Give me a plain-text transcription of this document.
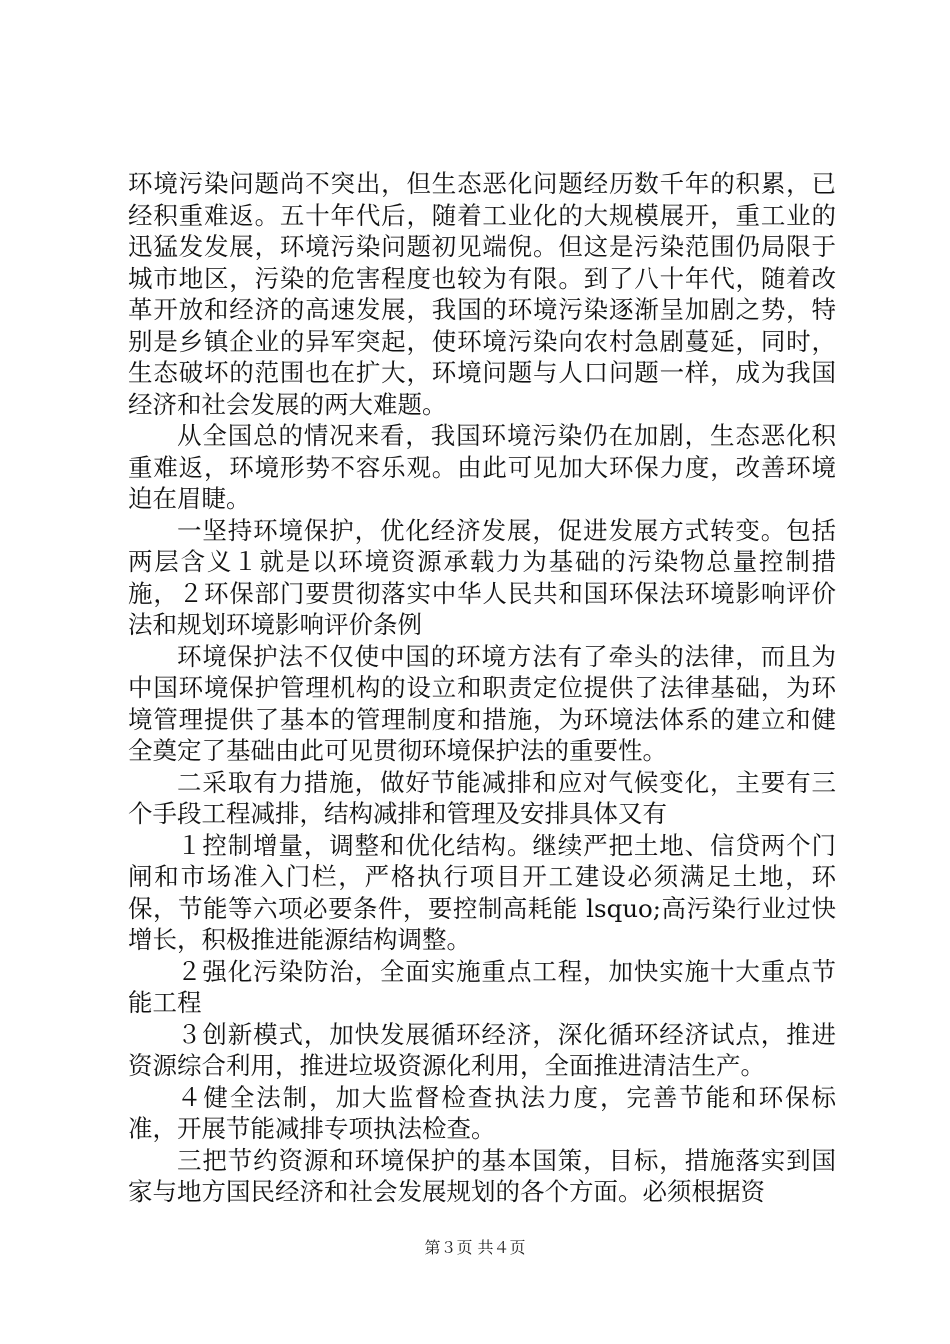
环境污染问题尚不突出，但生态恶化问题经历数千年的积累，已经积重难返。五十年代后，随着工业化的大规模展开，重工业的迅猛发发展，环境污染问题初见端倪。但这是污染范围仍局限于城市地区，污染的危害程度也较为有限。到了八十年代，随着改革开放和经济的高速发展，我国的环境污染逐渐呈加剧之势，特别是乡镇企业的异军突起，使环境污染向农村急剧蔓延，同时，生态破坏的范围也在扩大，环境问题与人口问题一样，成为我国经济和社会发展的两大难题。

从全国总的情况来看，我国环境污染仍在加剧，生态恶化积重难返，环境形势不容乐观。由此可见加大环保力度，改善环境迫在眉睫。

一坚持环境保护，优化经济发展，促进发展方式转变。包括两层含义１就是以环境资源承载力为基础的污染物总量控制措施，２环保部门要贯彻落实中华人民共和国环保法环境影响评价法和规划环境影响评价条例

环境保护法不仅使中国的环境方法有了牵头的法律，而且为中国环境保护管理机构的设立和职责定位提供了法律基础，为环境管理提供了基本的管理制度和措施，为环境法体系的建立和健全奠定了基础由此可见贯彻环境保护法的重要性。

二采取有力措施，做好节能减排和应对气候变化，主要有三个手段工程减排，结构减排和管理及安排具体又有

１控制增量，调整和优化结构。继续严把土地、信贷两个门闸和市场准入门栏，严格执行项目开工建设必须满足土地，环保，节能等六项必要条件，要控制高耗能 lsquo;高污染行业过快增长，积极推进能源结构调整。

２强化污染防治，全面实施重点工程，加快实施十大重点节能工程

３创新模式，加快发展循环经济，深化循环经济试点，推进资源综合利用，推进垃圾资源化利用，全面推进清洁生产。

４健全法制，加大监督检查执法力度，完善节能和环保标准，开展节能减排专项执法检查。

三把节约资源和环境保护的基本国策，目标，措施落实到国家与地方国民经济和社会发展规划的各个方面。必须根据资

第３页 共４页
